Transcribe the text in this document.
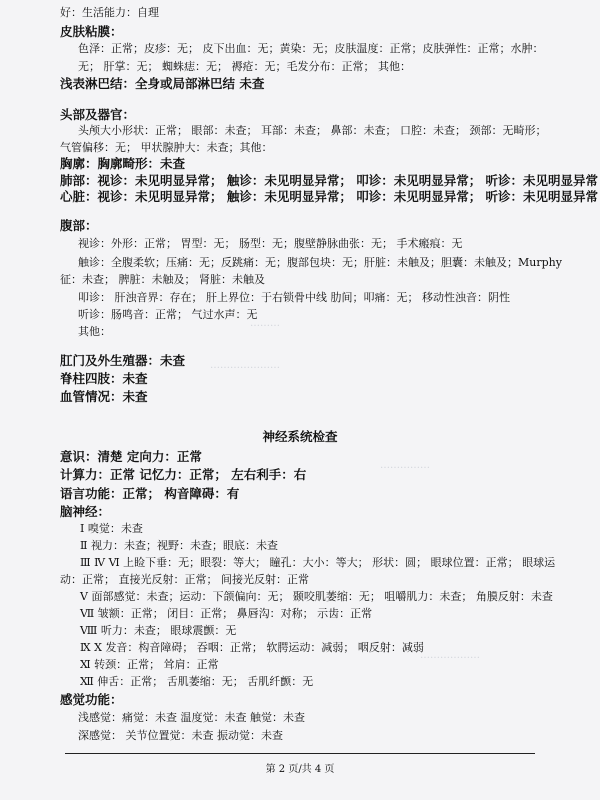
好：生活能力：自理
皮肤粘膜：
色泽：正常；皮疹：无； 皮下出血：无；黄染：无；皮肤温度：正常；皮肤弹性：正常；水肿：
无； 肝掌：无； 蜘蛛痣：无； 褥疮：无；毛发分布：正常； 其他：
浅表淋巴结：全身或局部淋巴结 未查
头部及器官：
头颅大小形状：正常； 眼部：未查； 耳部：未查； 鼻部：未查； 口腔：未查； 颈部：无畸形；
气管偏移：无； 甲状腺肿大：未查；其他：
胸廓：胸廓畸形：未查
肺部：视诊：未见明显异常； 触诊：未见明显异常； 叩诊：未见明显异常； 听诊：未见明显异常
心脏：视诊：未见明显异常； 触诊：未见明显异常； 叩诊：未见明显异常； 听诊：未见明显异常
腹部：
视诊：外形：正常； 胃型：无； 肠型：无；腹壁静脉曲张：无； 手术瘢痕：无
触诊：全腹柔软；压痛：无；反跳痛：无；腹部包块：无；肝脏：未触及；胆囊：未触及；Murphy
征：未查； 脾脏：未触及； 肾脏：未触及
叩诊： 肝浊音界：存在； 肝上界位：于右锁骨中线 肋间；叩痛：无； 移动性浊音：阴性
听诊：肠鸣音：正常； 气过水声：无
其他：
肛门及外生殖器：未查
脊柱四肢：未查
血管情况：未查
神经系统检查
意识：清楚 定向力：正常
计算力：正常 记忆力：正常； 左右利手：右
语言功能：正常； 构音障碍：有
脑神经：
Ⅰ 嗅觉：未查
Ⅱ 视力：未查；视野：未查；眼底：未查
Ⅲ Ⅳ Ⅵ 上睑下垂：无；眼裂：等大； 瞳孔：大小：等大； 形状：圆； 眼球位置：正常； 眼球运
动：正常； 直接光反射：正常； 间接光反射：正常
Ⅴ 面部感觉：未查；运动：下颌偏向：无； 颞咬肌萎缩：无； 咀嚼肌力：未查； 角膜反射：未查
Ⅶ 皱额：正常； 闭目：正常； 鼻唇沟：对称； 示齿：正常
Ⅷ 听力：未查； 眼球震颤：无
Ⅸ Ⅹ 发音：构音障碍； 吞咽：正常； 软腭运动：减弱； 咽反射：减弱
Ⅺ 转颈：正常； 耸肩：正常
Ⅻ 伸舌：正常； 舌肌萎缩：无； 舌肌纤颤：无
感觉功能：
浅感觉：痛觉：未查 温度觉：未查 触觉：未查
深感觉： 关节位置觉：未查 振动觉：未查
………
…………………
……………
………………
第 2 页/共 4 页
